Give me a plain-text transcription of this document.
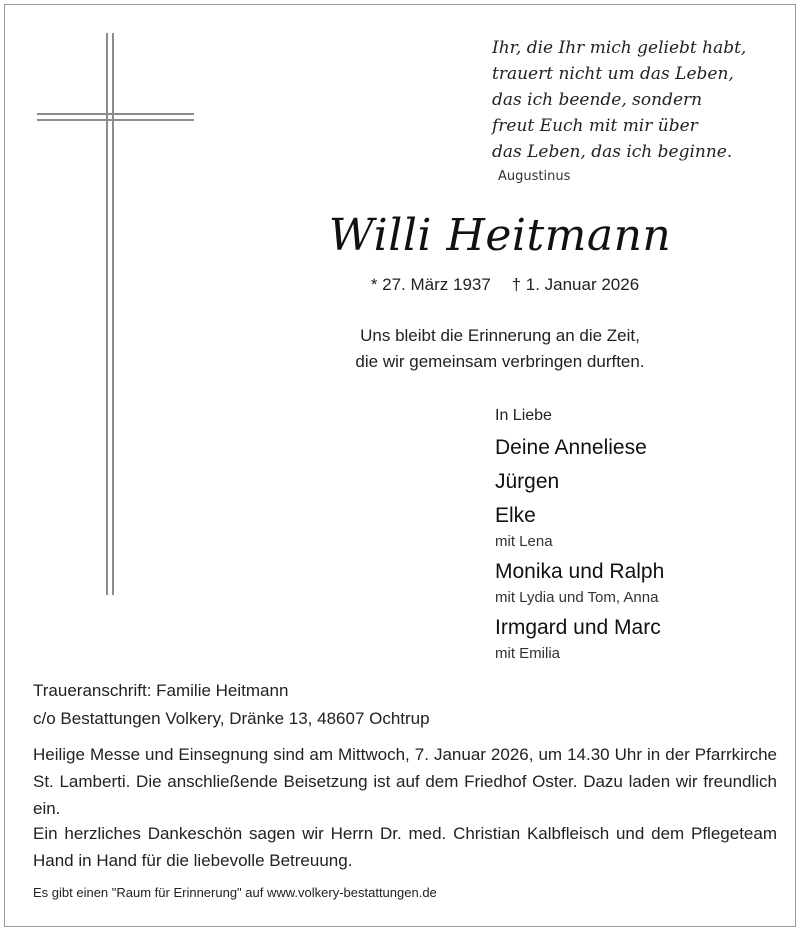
Ihr, die Ihr mich geliebt habt,
trauert nicht um das Leben,
das ich beende, sondern
freut Euch mit mir über
das Leben, das ich beginne.
Augustinus
Willi Heitmann
* 27. März 1937 † 1. Januar 2026
Uns bleibt die Erinnerung an die Zeit,
die wir gemeinsam verbringen durften.
In Liebe
Deine Anneliese
Jürgen
Elke
mit Lena
Monika und Ralph
mit Lydia und Tom, Anna
Irmgard und Marc
mit Emilia
Traueranschrift: Familie Heitmann
c/o Bestattungen Volkery, Dränke 13, 48607 Ochtrup
Heilige Messe und Einsegnung sind am Mittwoch, 7. Januar 2026, um 14.30 Uhr in der Pfarrkirche St. Lamberti. Die anschließende Beisetzung ist auf dem Friedhof Oster. Dazu laden wir freundlich ein.
Ein herzliches Dankeschön sagen wir Herrn Dr. med. Christian Kalbfleisch und dem Pflegeteam Hand in Hand für die liebevolle Betreuung.
Es gibt einen "Raum für Erinnerung" auf www.volkery-bestattungen.de
